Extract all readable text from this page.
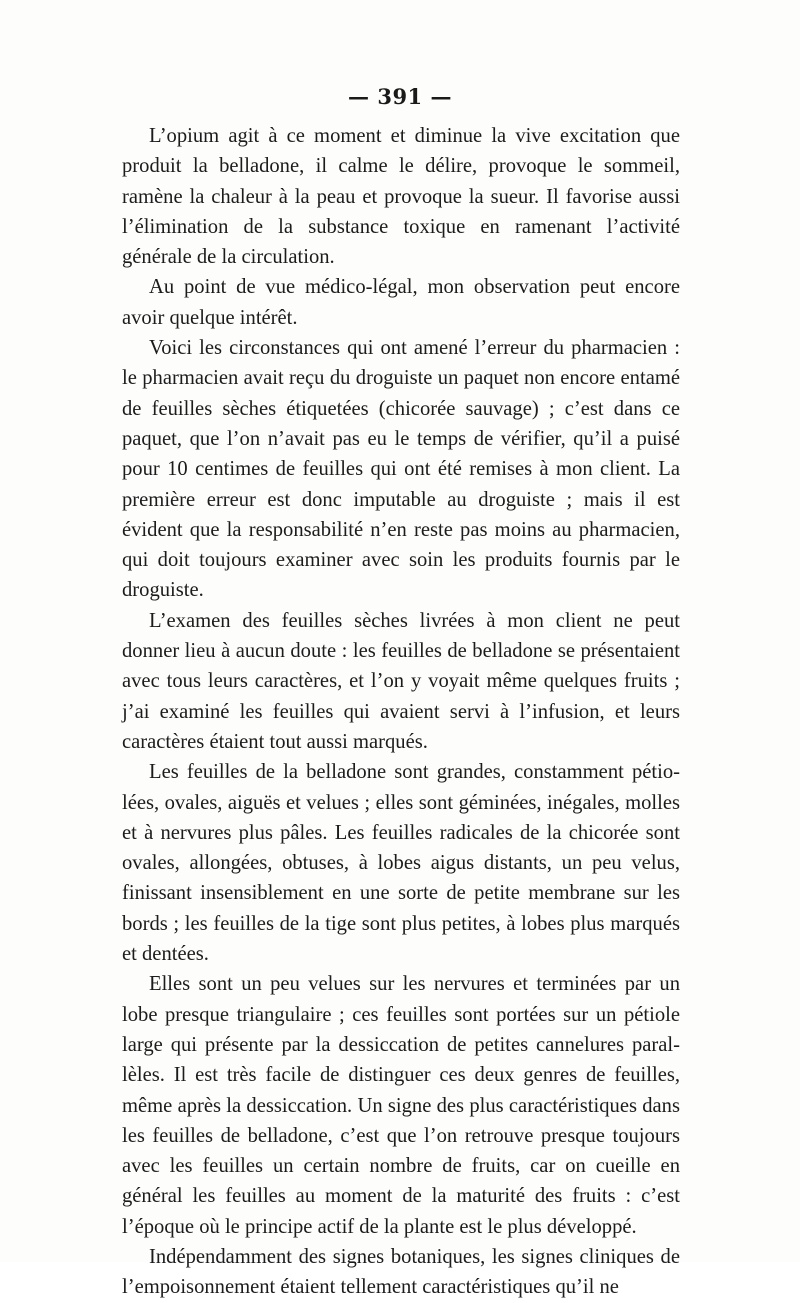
— 391 —

L’opium agit à ce moment et diminue la vive excitation que produit la belladone, il calme le délire, provoque le sommeil, ramène la chaleur à la peau et provoque la sueur. Il favorise aussi l’élimination de la substance toxique en ramenant l’activité générale de la circulation.

Au point de vue médico-légal, mon observation peut encore avoir quelque intérêt.

Voici les circonstances qui ont amené l’erreur du pharmacien : le pharmacien avait reçu du droguiste un paquet non encore entamé de feuilles sèches étiquetées (chicorée sauvage) ; c’est dans ce paquet, que l’on n’avait pas eu le temps de vérifier, qu’il a puisé pour 10 centimes de feuilles qui ont été remises à mon client. La première erreur est donc imputable au droguiste ; mais il est évident que la responsabilité n’en reste pas moins au pharmacien, qui doit toujours examiner avec soin les produits fournis par le droguiste.

L’examen des feuilles sèches livrées à mon client ne peut donner lieu à aucun doute : les feuilles de belladone se présentaient avec tous leurs caractères, et l’on y voyait même quelques fruits ; j’ai examiné les feuilles qui avaient servi à l’infusion, et leurs caractères étaient tout aussi marqués.

Les feuilles de la belladone sont grandes, constamment pétiolées, ovales, aiguës et velues ; elles sont géminées, inégales, molles et à nervures plus pâles. Les feuilles radicales de la chicorée sont ovales, allongées, obtuses, à lobes aigus distants, un peu velus, finissant insensiblement en une sorte de petite membrane sur les bords ; les feuilles de la tige sont plus petites, à lobes plus marqués et dentées.

Elles sont un peu velues sur les nervures et terminées par un lobe presque triangulaire ; ces feuilles sont portées sur un pétiole large qui présente par la dessiccation de petites cannelures parallèles. Il est très facile de distinguer ces deux genres de feuilles, même après la dessiccation. Un signe des plus caractéristiques dans les feuilles de belladone, c’est que l’on retrouve presque toujours avec les feuilles un certain nombre de fruits, car on cueille en général les feuilles au moment de la maturité des fruits : c’est l’époque où le principe actif de la plante est le plus développé.

Indépendamment des signes botaniques, les signes cliniques de l’empoisonnement étaient tellement caractéristiques qu’il ne
